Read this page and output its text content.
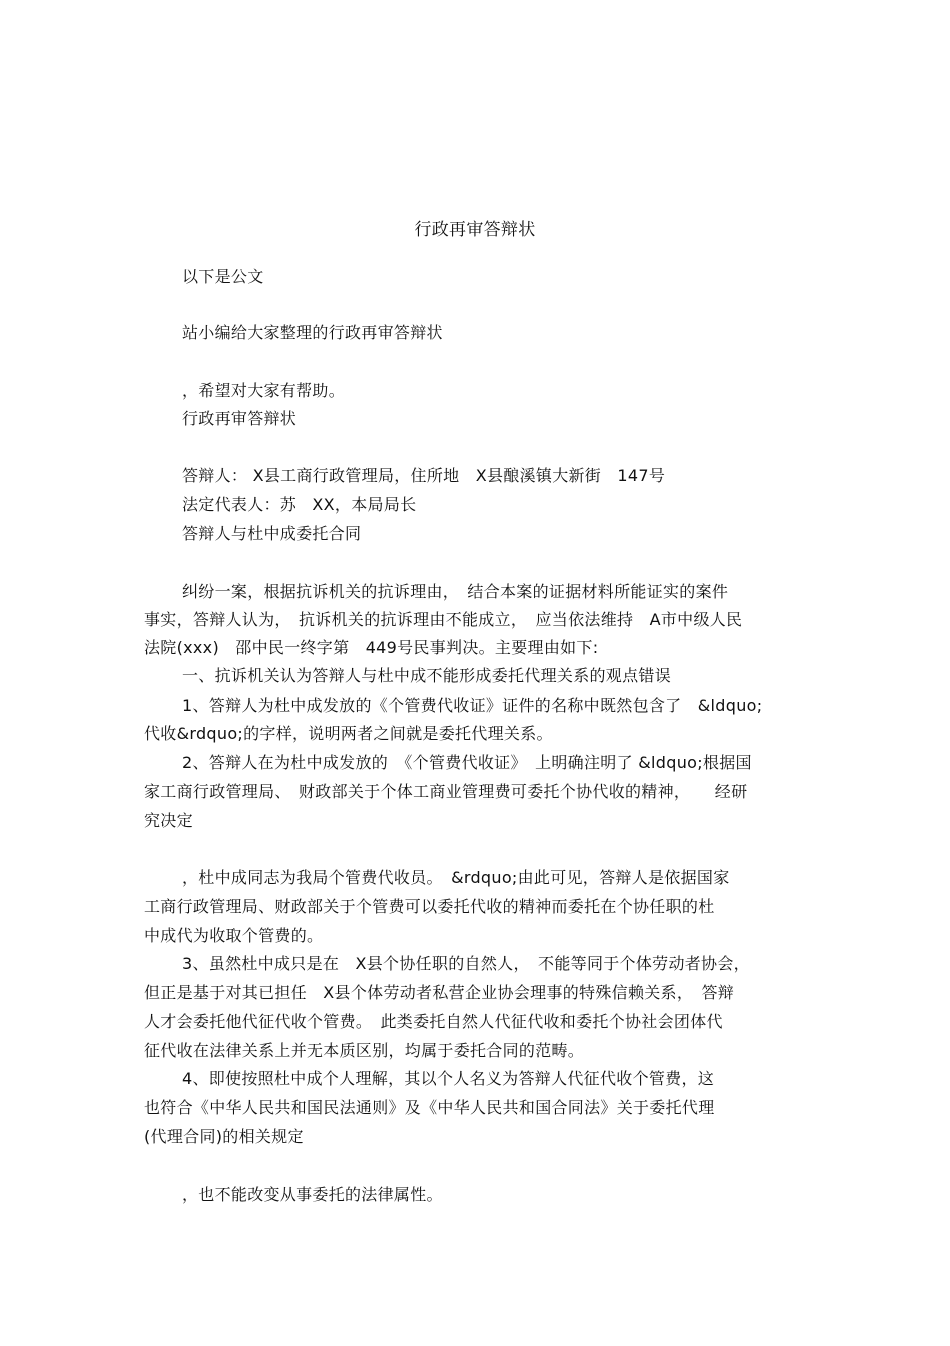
行政再审答辩状
以下是公文
站小编给大家整理的行政再审答辩状
，希望对大家有帮助。
行政再审答辩状
答辩人： X县工商行政管理局，住所地　X县酿溪镇大新街　147号
法定代表人：苏　XX，本局局长
答辩人与杜中成委托合同
纠纷一案，根据抗诉机关的抗诉理由，　结合本案的证据材料所能证实的案件
事实，答辩人认为，　抗诉机关的抗诉理由不能成立，　应当依法维持　A市中级人民
法院(xxx)　邵中民一终字第　449号民事判决。主要理由如下:
一、抗诉机关认为答辩人与杜中成不能形成委托代理关系的观点错误
1、答辩人为杜中成发放的《个管费代收证》证件的名称中既然包含了　&ldquo;
代收&rdquo;的字样，说明两者之间就是委托代理关系。
2、答辩人在为杜中成发放的　《个管费代收证》　上明确注明了 &ldquo;根据国
家工商行政管理局、　财政部关于个体工商业管理费可委托个协代收的精神，　　经研
究决定
，杜中成同志为我局个管费代收员。　&rdquo;由此可见，答辩人是依据国家
工商行政管理局、财政部关于个管费可以委托代收的精神而委托在个协任职的杜
中成代为收取个管费的。
3、虽然杜中成只是在　X县个协任职的自然人，　不能等同于个体劳动者协会，
但正是基于对其已担任　X县个体劳动者私营企业协会理事的特殊信赖关系，　答辩
人才会委托他代征代收个管费。　此类委托自然人代征代收和委托个协社会团体代
征代收在法律关系上并无本质区别，均属于委托合同的范畴。
4、即使按照杜中成个人理解，其以个人名义为答辩人代征代收个管费，这
也符合《中华人民共和国民法通则》及《中华人民共和国合同法》关于委托代理
(代理合同)的相关规定
，也不能改变从事委托的法律属性。
